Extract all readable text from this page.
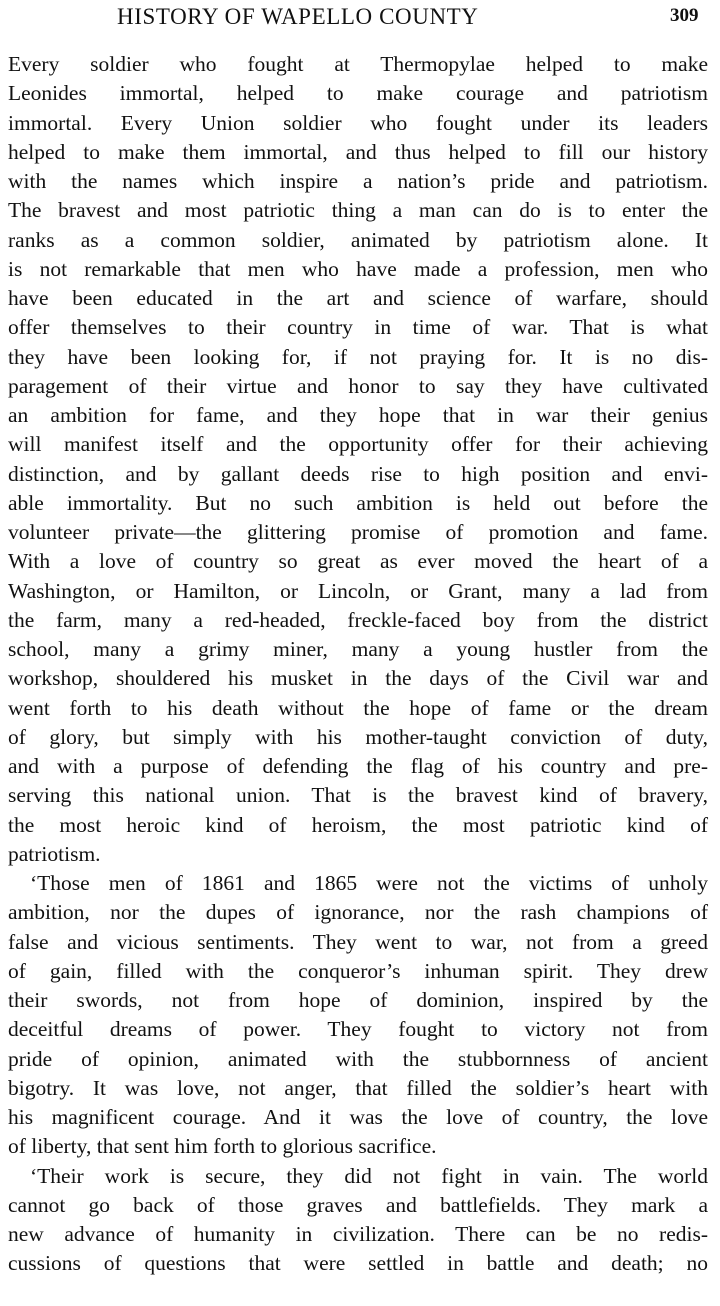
HISTORY OF WAPELLO COUNTY	309
Every soldier who fought at Thermopylae helped to make
Leonides immortal, helped to make courage and patriotism
immortal. Every Union soldier who fought under its leaders
helped to make them immortal, and thus helped to fill our history
with the names which inspire a nation’s pride and patriotism.
The bravest and most patriotic thing a man can do is to enter the
ranks as a common soldier, animated by patriotism alone. It
is not remarkable that men who have made a profession, men who
have been educated in the art and science of warfare, should
offer themselves to their country in time of war. That is what
they have been looking for, if not praying for. It is no dis-
paragement of their virtue and honor to say they have cultivated
an ambition for fame, and they hope that in war their genius
will manifest itself and the opportunity offer for their achieving
distinction, and by gallant deeds rise to high position and envi-
able immortality. But no such ambition is held out before the
volunteer private—the glittering promise of promotion and fame.
With a love of country so great as ever moved the heart of a
Washington, or Hamilton, or Lincoln, or Grant, many a lad from
the farm, many a red-headed, freckle-faced boy from the district
school, many a grimy miner, many a young hustler from the
workshop, shouldered his musket in the days of the Civil war and
went forth to his death without the hope of fame or the dream
of glory, but simply with his mother-taught conviction of duty,
and with a purpose of defending the flag of his country and pre-
serving this national union. That is the bravest kind of bravery,
the most heroic kind of heroism, the most patriotic kind of
patriotism.
‘Those men of 1861 and 1865 were not the victims of unholy
ambition, nor the dupes of ignorance, nor the rash champions of
false and vicious sentiments. They went to war, not from a greed
of gain, filled with the conqueror’s inhuman spirit. They drew
their swords, not from hope of dominion, inspired by the
deceitful dreams of power. They fought to victory not from
pride of opinion, animated with the stubbornness of ancient
bigotry. It was love, not anger, that filled the soldier’s heart with
his magnificent courage. And it was the love of country, the love
of liberty, that sent him forth to glorious sacrifice.
‘Their work is secure, they did not fight in vain. The world
cannot go back of those graves and battlefields. They mark a
new advance of humanity in civilization. There can be no redis-
cussions of questions that were settled in battle and death; no
